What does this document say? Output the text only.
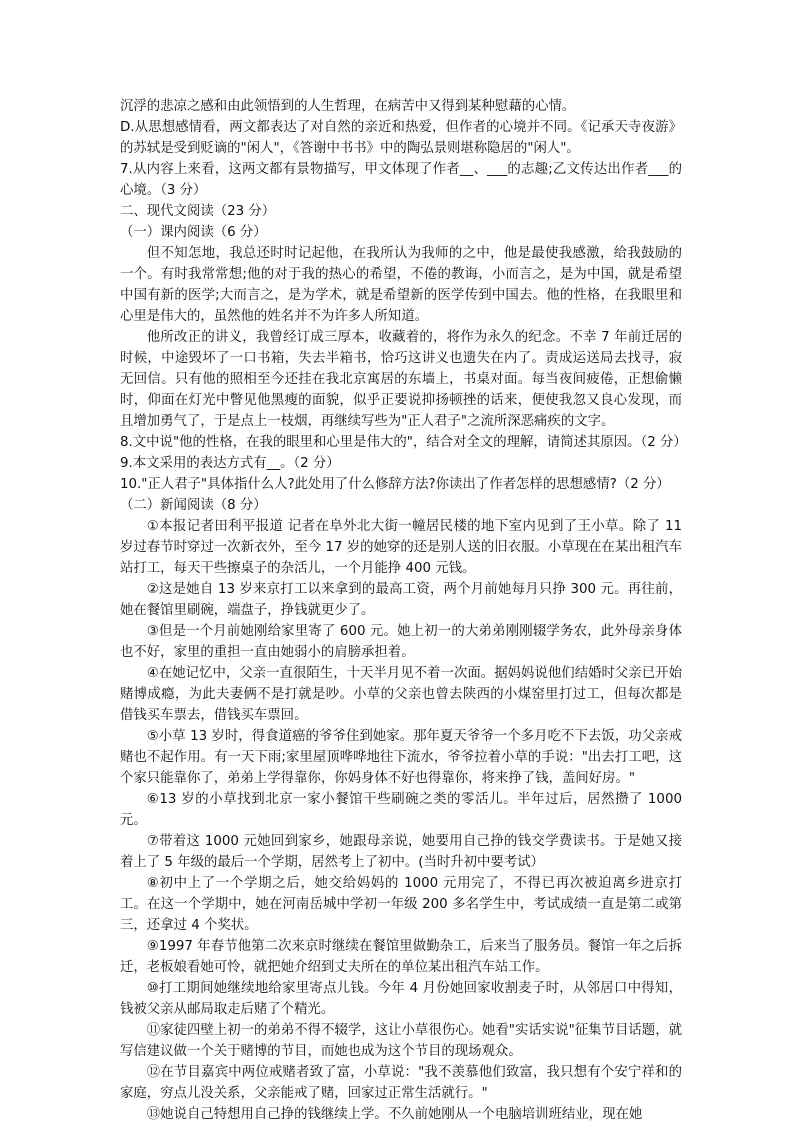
沉浮的悲凉之感和由此领悟到的人生哲理，在病苦中又得到某种慰藉的心情。

D.从思想感情看，两文都表达了对自然的亲近和热爱，但作者的心境并不同。《记承天寺夜游》的苏轼是受到贬谪的"闲人"，《答谢中书书》中的陶弘景则堪称隐居的"闲人"。

7.从内容上来看，这两文都有景物描写，甲文体现了作者__、___的志趣;乙文传达出作者___的心境。（3 分）

二、现代文阅读（23 分）

（一）课内阅读（6 分）

但不知怎地，我总还时时记起他，在我所认为我师的之中，他是最使我感激，给我鼓励的一个。有时我常常想;他的对于我的热心的希望，不倦的教诲，小而言之，是为中国，就是希望中国有新的医学;大而言之，是为学术，就是希望新的医学传到中国去。他的性格，在我眼里和心里是伟大的，虽然他的姓名并不为许多人所知道。

他所改正的讲义，我曾经订成三厚本，收藏着的，将作为永久的纪念。不幸 7 年前迁居的时候，中途毁坏了一口书箱，失去半箱书，恰巧这讲义也遗失在内了。责成运送局去找寻，寂无回信。只有他的照相至今还挂在我北京寓居的东墙上，书桌对面。每当夜间疲倦，正想偷懒时，仰面在灯光中瞥见他黑瘦的面貌，似乎正要说抑扬顿挫的话来，便使我忽又良心发现，而且增加勇气了，于是点上一枝烟，再继续写些为"正人君子"之流所深恶痛疾的文字。

8.文中说"他的性格，在我的眼里和心里是伟大的"，结合对全文的理解，请简述其原因。（2 分）

9.本文采用的表达方式有__。（2 分）

10."正人君子"具体指什么人?此处用了什么修辞方法?你读出了作者怎样的思想感情?（2 分）

（二）新闻阅读（8 分）

①本报记者田利平报道 记者在阜外北大街一幢居民楼的地下室内见到了王小草。除了 11 岁过春节时穿过一次新衣外，至今 17 岁的她穿的还是别人送的旧衣服。小草现在在某出租汽车站打工，每天干些擦桌子的杂活儿，一个月能挣 400 元钱。

②这是她自 13 岁来京打工以来拿到的最高工资，两个月前她每月只挣 300 元。再往前，她在餐馆里刷碗，端盘子，挣钱就更少了。

③但是一个月前她刚给家里寄了 600 元。她上初一的大弟弟刚刚辍学务农，此外母亲身体也不好，家里的重担一直由她弱小的肩膀承担着。

④在她记忆中，父亲一直很陌生，十天半月见不着一次面。据妈妈说他们结婚时父亲已开始赌博成瘾，为此夫妻俩不是打就是吵。小草的父亲也曾去陕西的小煤窑里打过工，但每次都是借钱买车票去，借钱买车票回。

⑤小草 13 岁时，得食道癌的爷爷住到她家。那年夏天爷爷一个多月吃不下去饭，功父亲戒赌也不起作用。有一天下雨;家里屋顶哗哗地往下流水，爷爷拉着小草的手说："出去打工吧，这个家只能靠你了，弟弟上学得靠你，你妈身体不好也得靠你，将来挣了钱，盖间好房。"

⑥13 岁的小草找到北京一家小餐馆干些刷碗之类的零活儿。半年过后，居然攒了 1000 元。

⑦带着这 1000 元她回到家乡，她跟母亲说，她要用自己挣的钱交学费读书。于是她又接着上了 5 年级的最后一个学期，居然考上了初中。(当时升初中要考试）

⑧初中上了一个学期之后，她交给妈妈的 1000 元用完了，不得已再次被迫离乡进京打工。在这一个学期中，她在河南岳城中学初一年级 200 多名学生中，考试成绩一直是第二或第三，还拿过 4 个奖状。

⑨1997 年春节他第二次来京时继续在餐馆里做勤杂工，后来当了服务员。餐馆一年之后拆迁，老板娘看她可怜，就把她介绍到丈夫所在的单位某出租汽车站工作。

⑩打工期间她继续地给家里寄点儿钱。今年 4 月份她回家收割麦子时，从邻居口中得知，钱被父亲从邮局取走后赌了个精光。

⑪家徒四壁上初一的弟弟不得不辍学，这让小草很伤心。她看"实话实说"征集节目话题，就写信建议做一个关于赌博的节目，而她也成为这个节目的现场观众。

⑫在节目嘉宾中两位戒赌者致了富，小草说："我不羡慕他们致富，我只想有个安宁祥和的家庭，穷点儿没关系，父亲能戒了赌，回家过正常生活就行。"

⑬她说自己特想用自己挣的钱继续上学。不久前她刚从一个电脑培训班结业，现在她
